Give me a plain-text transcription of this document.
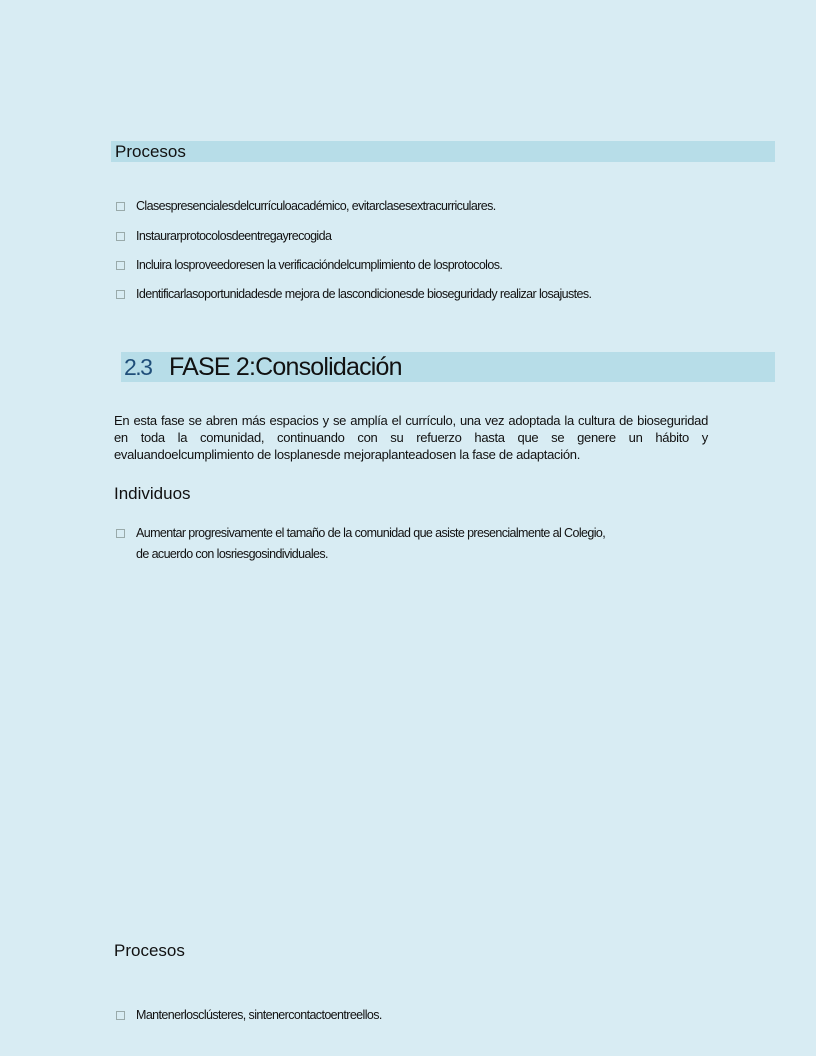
Procesos
Clasespresencialesdelcurrículoacadémico, evitarclasesextracurriculares.
Instaurarprotocolosdeentregayrecogida
Incluira losproveedoresen la verificacióndelcumplimiento de losprotocolos.
Identificarlasoportunidadesde mejora de lascondicionesde bioseguridady realizar losajustes.
2.3 FASE 2:Consolidación
En esta fase se abren más espacios y se amplía el currículo, una vez adoptada la cultura de bioseguridad en toda la comunidad, continuando con su refuerzo hasta que se genere un hábito y evaluandoelcumplimiento de losplanesde mejoraplanteadosen la fase de adaptación.
Individuos
Aumentar progresivamente el tamaño de la comunidad que asiste presencialmente al Colegio,
de acuerdo con losriesgosindividuales.
Procesos
Mantenerlosclústeres, sintenercontactoentreellos.
